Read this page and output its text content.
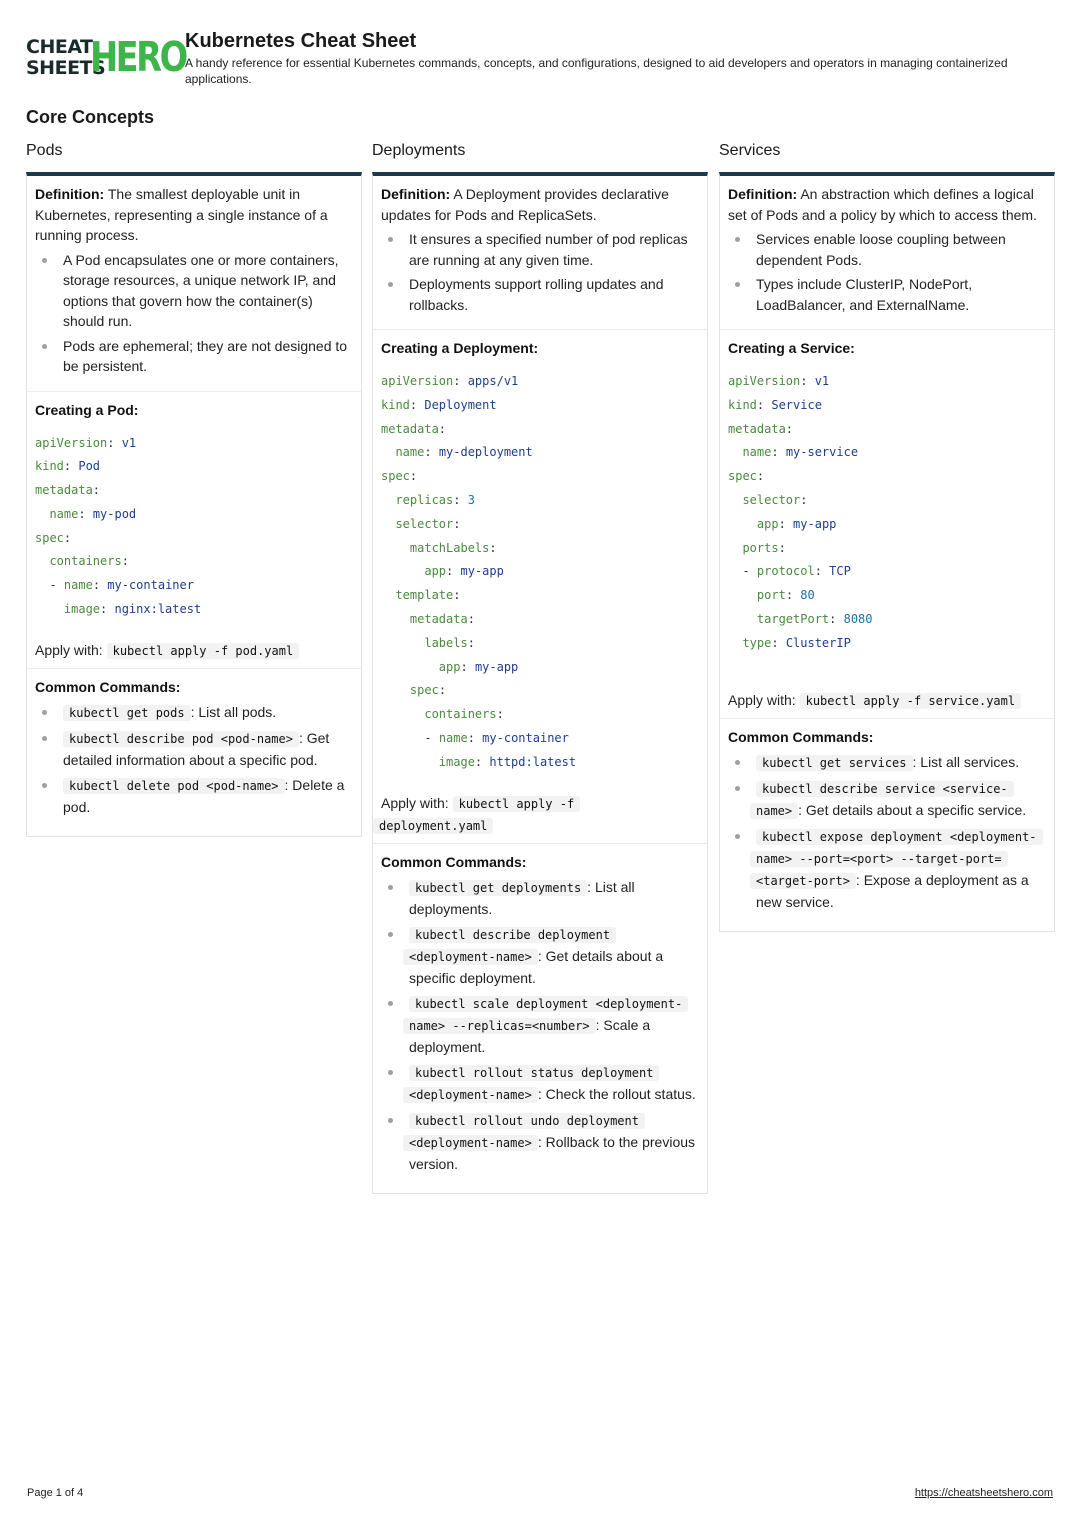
CHEAT
SHEETS
HERO Kubernetes Cheat Sheet
A handy reference for essential Kubernetes commands, concepts, and configurations, designed to aid developers and operators in managing containerized applications.
Core Concepts
Pods	Deployments	Services
Definition: The smallest deployable unit in Kubernetes, representing a single instance of a running process.
A Pod encapsulates one or more containers, storage resources, a unique network IP, and options that govern how the container(s) should run.
Pods are ephemeral; they are not designed to be persistent.
Creating a Pod:
apiVersion: v1
kind: Pod
metadata:
name: my-pod
spec:
containers:
- name: my-container
image: nginx:latest
Apply with: kubectl apply -f pod.yaml
Common Commands:
kubectl get pods : List all pods.
kubectl describe pod <pod-name> : Get detailed information about a specific pod.
kubectl delete pod <pod-name> : Delete a pod.
Definition: A Deployment provides declarative updates for Pods and ReplicaSets.
It ensures a specified number of pod replicas are running at any given time.
Deployments support rolling updates and rollbacks.
Creating a Deployment:
apiVersion: apps/v1
kind: Deployment
metadata:
name: my-deployment
spec:
replicas: 3
selector:
matchLabels:
app: my-app
template:
metadata:
labels:
app: my-app
spec:
containers:
- name: my-container
image: httpd:latest
Apply with: kubectl apply -f
deployment.yaml
Common Commands:
kubectl get deployments : List all deployments.
kubectl describe deployment
<deployment-name> : Get details about a specific deployment.
kubectl scale deployment <deployment-
name> --replicas=<number> : Scale a deployment.
kubectl rollout status deployment
<deployment-name> : Check the rollout status.
kubectl rollout undo deployment
<deployment-name> : Rollback to the previous version.
Definition: An abstraction which defines a logical set of Pods and a policy by which to access them.
Services enable loose coupling between dependent Pods.
Types include ClusterIP, NodePort, LoadBalancer, and ExternalName.
Creating a Service:
apiVersion: v1
kind: Service
metadata:
name: my-service
spec:
selector:
app: my-app
ports:
- protocol: TCP
port: 80
targetPort: 8080
type: ClusterIP
Apply with: kubectl apply -f service.yaml
Common Commands:
kubectl get services : List all services.
kubectl describe service <service-
name> : Get details about a specific service.
kubectl expose deployment <deployment-
name> --port=<port> --target-port=
<target-port> : Expose a deployment as a new service.
Page 1 of 4	https://cheatsheetshero.com
